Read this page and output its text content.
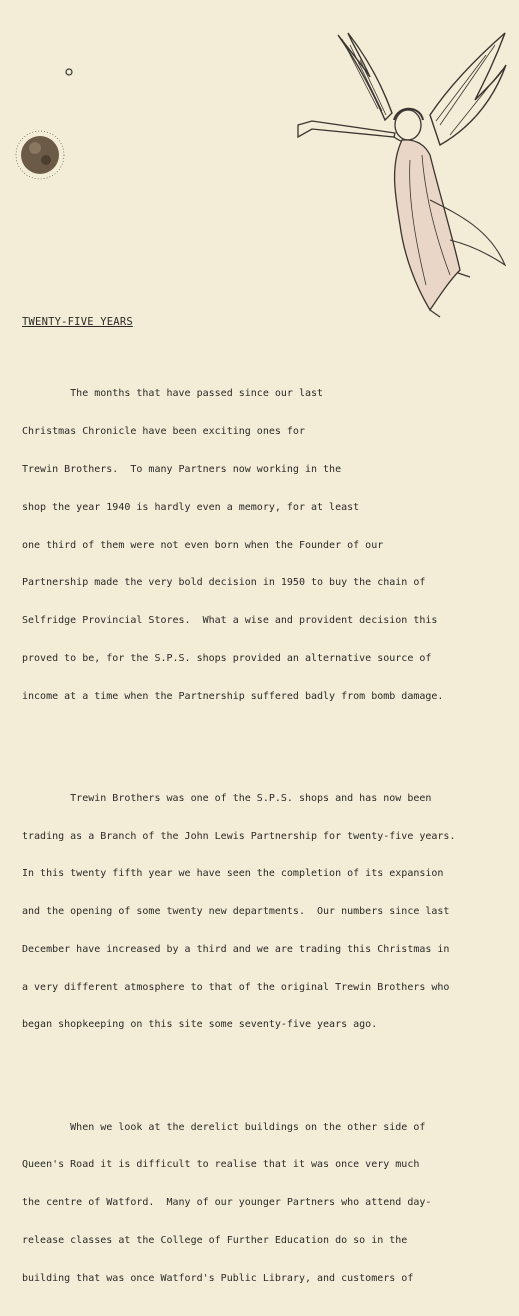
TWENTY-FIVE YEARS

The months that have passed since our last

Christmas Chronicle have been exciting ones for

Trewin Brothers.  To many Partners now working in the

shop the year 1940 is hardly even a memory, for at least

one third of them were not even born when the Founder of our

Partnership made the very bold decision in 1950 to buy the chain of

Selfridge Provincial Stores.  What a wise and provident decision this

proved to be, for the S.P.S. shops provided an alternative source of

income at a time when the Partnership suffered badly from bomb damage.

Trewin Brothers was one of the S.P.S. shops and has now been

trading as a Branch of the John Lewis Partnership for twenty-five years.

In this twenty fifth year we have seen the completion of its expansion

and the opening of some twenty new departments.  Our numbers since last

December have increased by a third and we are trading this Christmas in

a very different atmosphere to that of the original Trewin Brothers who

began shopkeeping on this site some seventy-five years ago.

When we look at the derelict buildings on the other side of

Queen's Road it is difficult to realise that it was once very much

the centre of Watford.  Many of our younger Partners who attend day-

release classes at the College of Further Education do so in the

building that was once Watford's Public Library, and customers of
